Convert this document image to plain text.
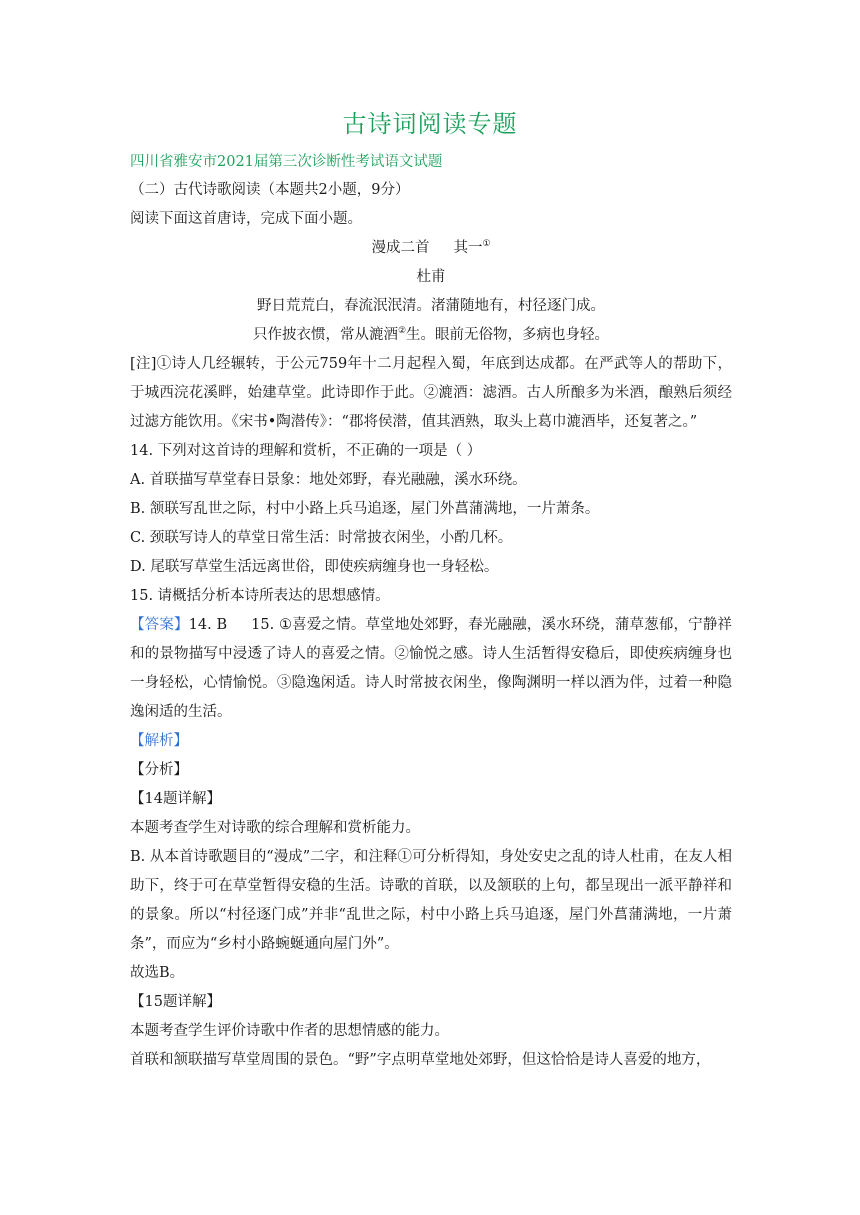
古诗词阅读专题
四川省雅安市2021届第三次诊断性考试语文试题
（二）古代诗歌阅读（本题共2小题，9分）
阅读下面这首唐诗，完成下面小题。
漫成二首 其一①
杜甫
野日荒荒白，春流泯泯清。渚蒲随地有，村径逐门成。
只作披衣惯，常从漉酒②生。眼前无俗物，多病也身轻。
[注]①诗人几经辗转，于公元759年十二月起程入蜀，年底到达成都。在严武等人的帮助下，于城西浣花溪畔，始建草堂。此诗即作于此。②漉酒：滤酒。古人所酿多为米酒，酿熟后须经过滤方能饮用。《宋书•陶潜传》：“郡将侯潜，值其酒熟，取头上葛巾漉酒毕，还复著之。”
14. 下列对这首诗的理解和赏析，不正确的一项是（ ）
A. 首联描写草堂春日景象：地处郊野，春光融融，溪水环绕。
B. 颔联写乱世之际，村中小路上兵马追逐，屋门外菖蒲满地，一片萧条。
C. 颈联写诗人的草堂日常生活：时常披衣闲坐，小酌几杯。
D. 尾联写草堂生活远离世俗，即使疾病缠身也一身轻松。
15. 请概括分析本诗所表达的思想感情。
【答案】14. B 15. ①喜爱之情。草堂地处郊野，春光融融，溪水环绕，蒲草葱郁，宁静祥和的景物描写中浸透了诗人的喜爱之情。②愉悦之感。诗人生活暂得安稳后，即使疾病缠身也一身轻松，心情愉悦。③隐逸闲适。诗人时常披衣闲坐，像陶渊明一样以酒为伴，过着一种隐逸闲适的生活。
【解析】
【分析】
【14题详解】
本题考查学生对诗歌的综合理解和赏析能力。
B. 从本首诗歌题目的“漫成”二字，和注释①可分析得知，身处安史之乱的诗人杜甫，在友人相助下，终于可在草堂暂得安稳的生活。诗歌的首联，以及颔联的上句，都呈现出一派平静祥和的景象。所以“村径逐门成”并非“乱世之际，村中小路上兵马追逐，屋门外菖蒲满地，一片萧条”，而应为“乡村小路蜿蜒通向屋门外”。
故选B。
【15题详解】
本题考查学生评价诗歌中作者的思想情感的能力。
首联和颔联描写草堂周围的景色。“野”字点明草堂地处郊野，但这恰恰是诗人喜爱的地方，
